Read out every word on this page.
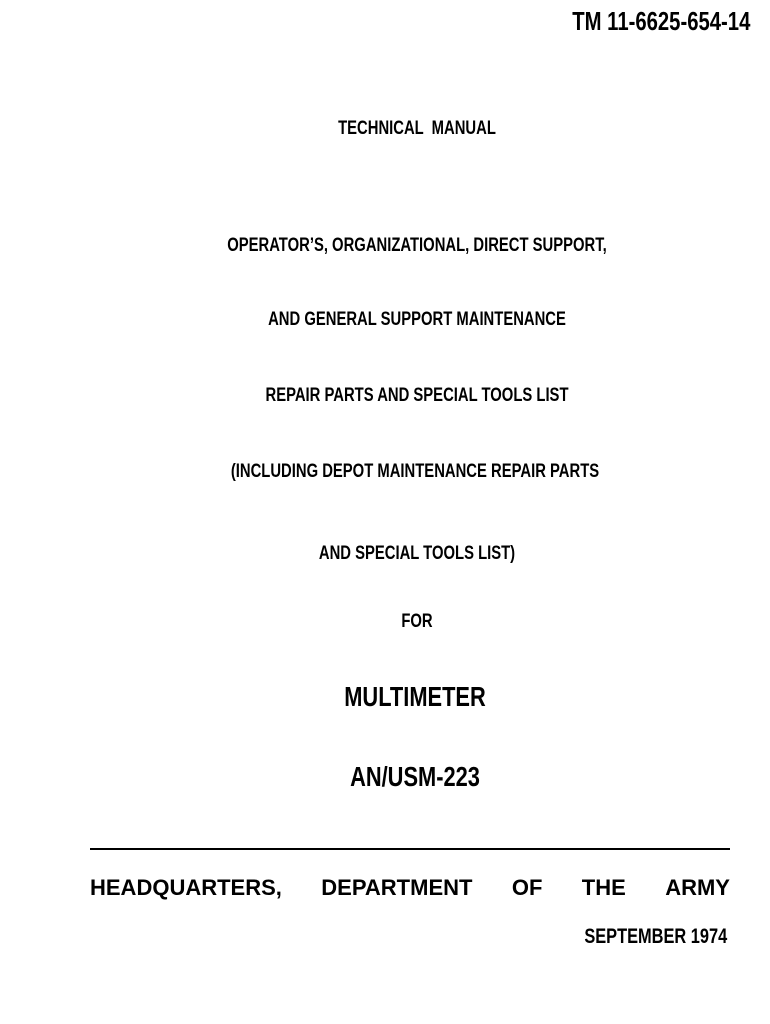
TM 11-6625-654-14
TECHNICAL  MANUAL
OPERATOR’S, ORGANIZATIONAL, DIRECT SUPPORT,
AND GENERAL SUPPORT MAINTENANCE
REPAIR PARTS AND SPECIAL TOOLS LIST
(INCLUDING DEPOT MAINTENANCE REPAIR PARTS
AND SPECIAL TOOLS LIST)
FOR
MULTIMETER
AN/USM-223
HEADQUARTERS, DEPARTMENT OF THE ARMY
SEPTEMBER 1974
